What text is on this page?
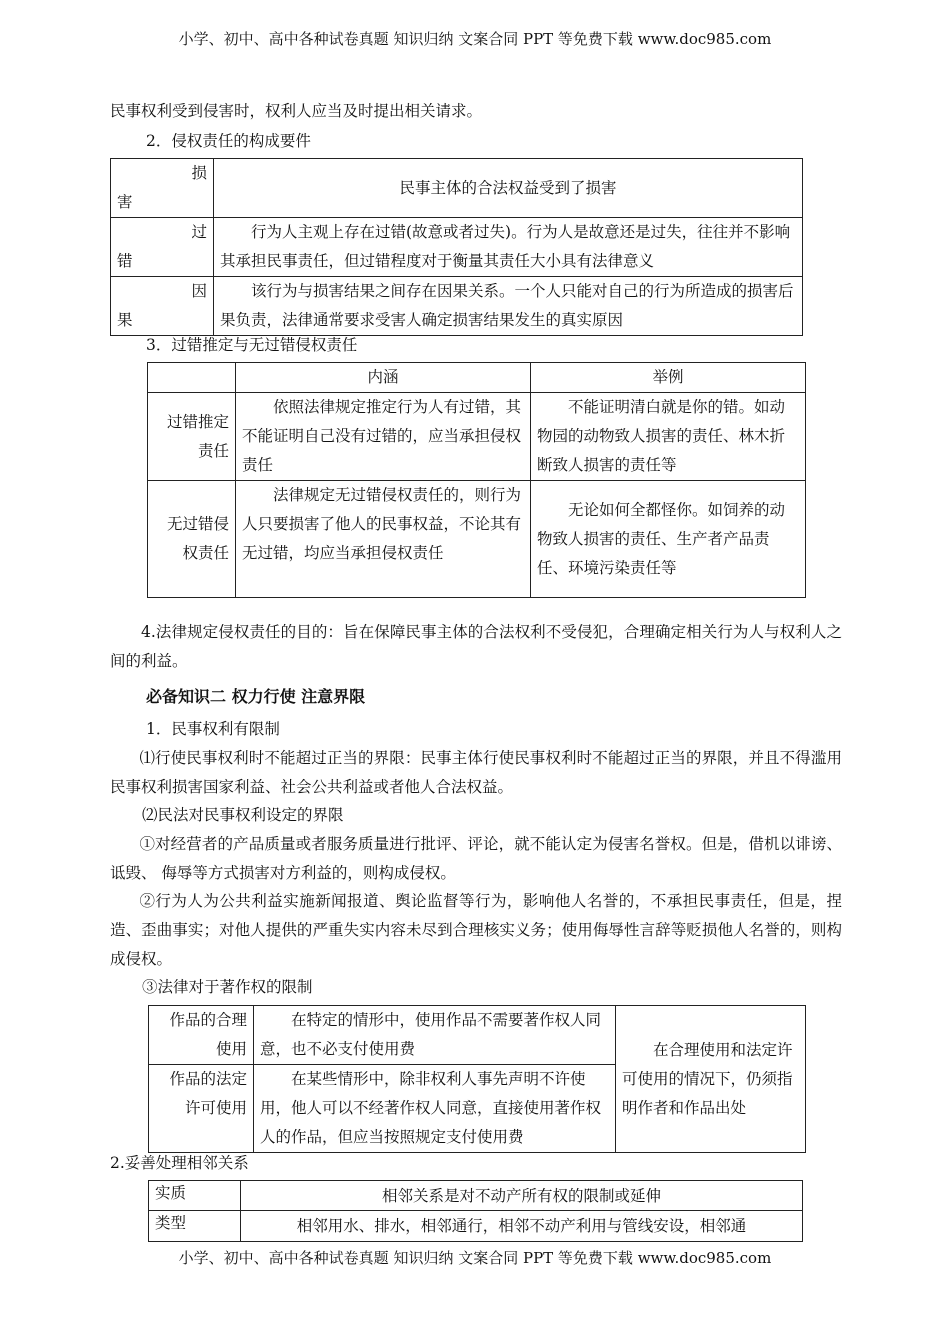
小学、初中、高中各种试卷真题 知识归纳 文案合同 PPT 等免费下载 www.doc985.com
民事权利受到侵害时，权利人应当及时提出相关请求。
2．侵权责任的构成要件
损
害	民事主体的合法权益受到了损害

过
错	行为人主观上存在过错(故意或者过失)。行为人是故意还是过失，往往并不影响其承担民事责任，但过错程度对于衡量其责任大小具有法律意义

因
果	该行为与损害结果之间存在因果关系。一个人只能对自己的行为所造成的损害后果负责，法律通常要求受害人确定损害结果发生的真实原因
3．过错推定与无过错侵权责任
	内涵	举例
过错推定责任	依照法律规定推定行为人有过错，其不能证明自己没有过错的，应当承担侵权责任	不能证明清白就是你的错。如动物园的动物致人损害的责任、林木折断致人损害的责任等
无过错侵权责任	法律规定无过错侵权责任的，则行为人只要损害了他人的民事权益，不论其有无过错，均应当承担侵权责任	无论如何全都怪你。如饲养的动物致人损害的责任、生产者产品责任、环境污染责任等
4.法律规定侵权责任的目的：旨在保障民事主体的合法权利不受侵犯，合理确定相关行为人与权利人之间的利益。
必备知识二 权力行使 注意界限
1．民事权利有限制
⑴行使民事权利时不能超过正当的界限：民事主体行使民事权利时不能超过正当的界限，并且不得滥用民事权利损害国家利益、社会公共利益或者他人合法权益。
⑵民法对民事权利设定的界限
①对经营者的产品质量或者服务质量进行批评、评论，就不能认定为侵害名誉权。但是，借机以诽谤、诋毁、 侮辱等方式损害对方利益的，则构成侵权。
②行为人为公共利益实施新闻报道、舆论监督等行为，影响他人名誉的，不承担民事责任，但是，捏造、歪曲事实；对他人提供的严重失实内容未尽到合理核实义务；使用侮辱性言辞等贬损他人名誉的，则构成侵权。
③法律对于著作权的限制
作品的合理使用	在特定的情形中，使用作品不需要著作权人同意，也不必支付使用费	在合理使用和法定许可使用的情况下，仍须指明作者和作品出处
作品的法定许可使用	在某些情形中，除非权利人事先声明不许使用，他人可以不经著作权人同意，直接使用著作权人的作品，但应当按照规定支付使用费	
2.妥善处理相邻关系
实质	相邻关系是对不动产所有权的限制或延伸
类型	相邻用水、排水，相邻通行，相邻不动产利用与管线安设，相邻通
小学、初中、高中各种试卷真题 知识归纳 文案合同 PPT 等免费下载 www.doc985.com
